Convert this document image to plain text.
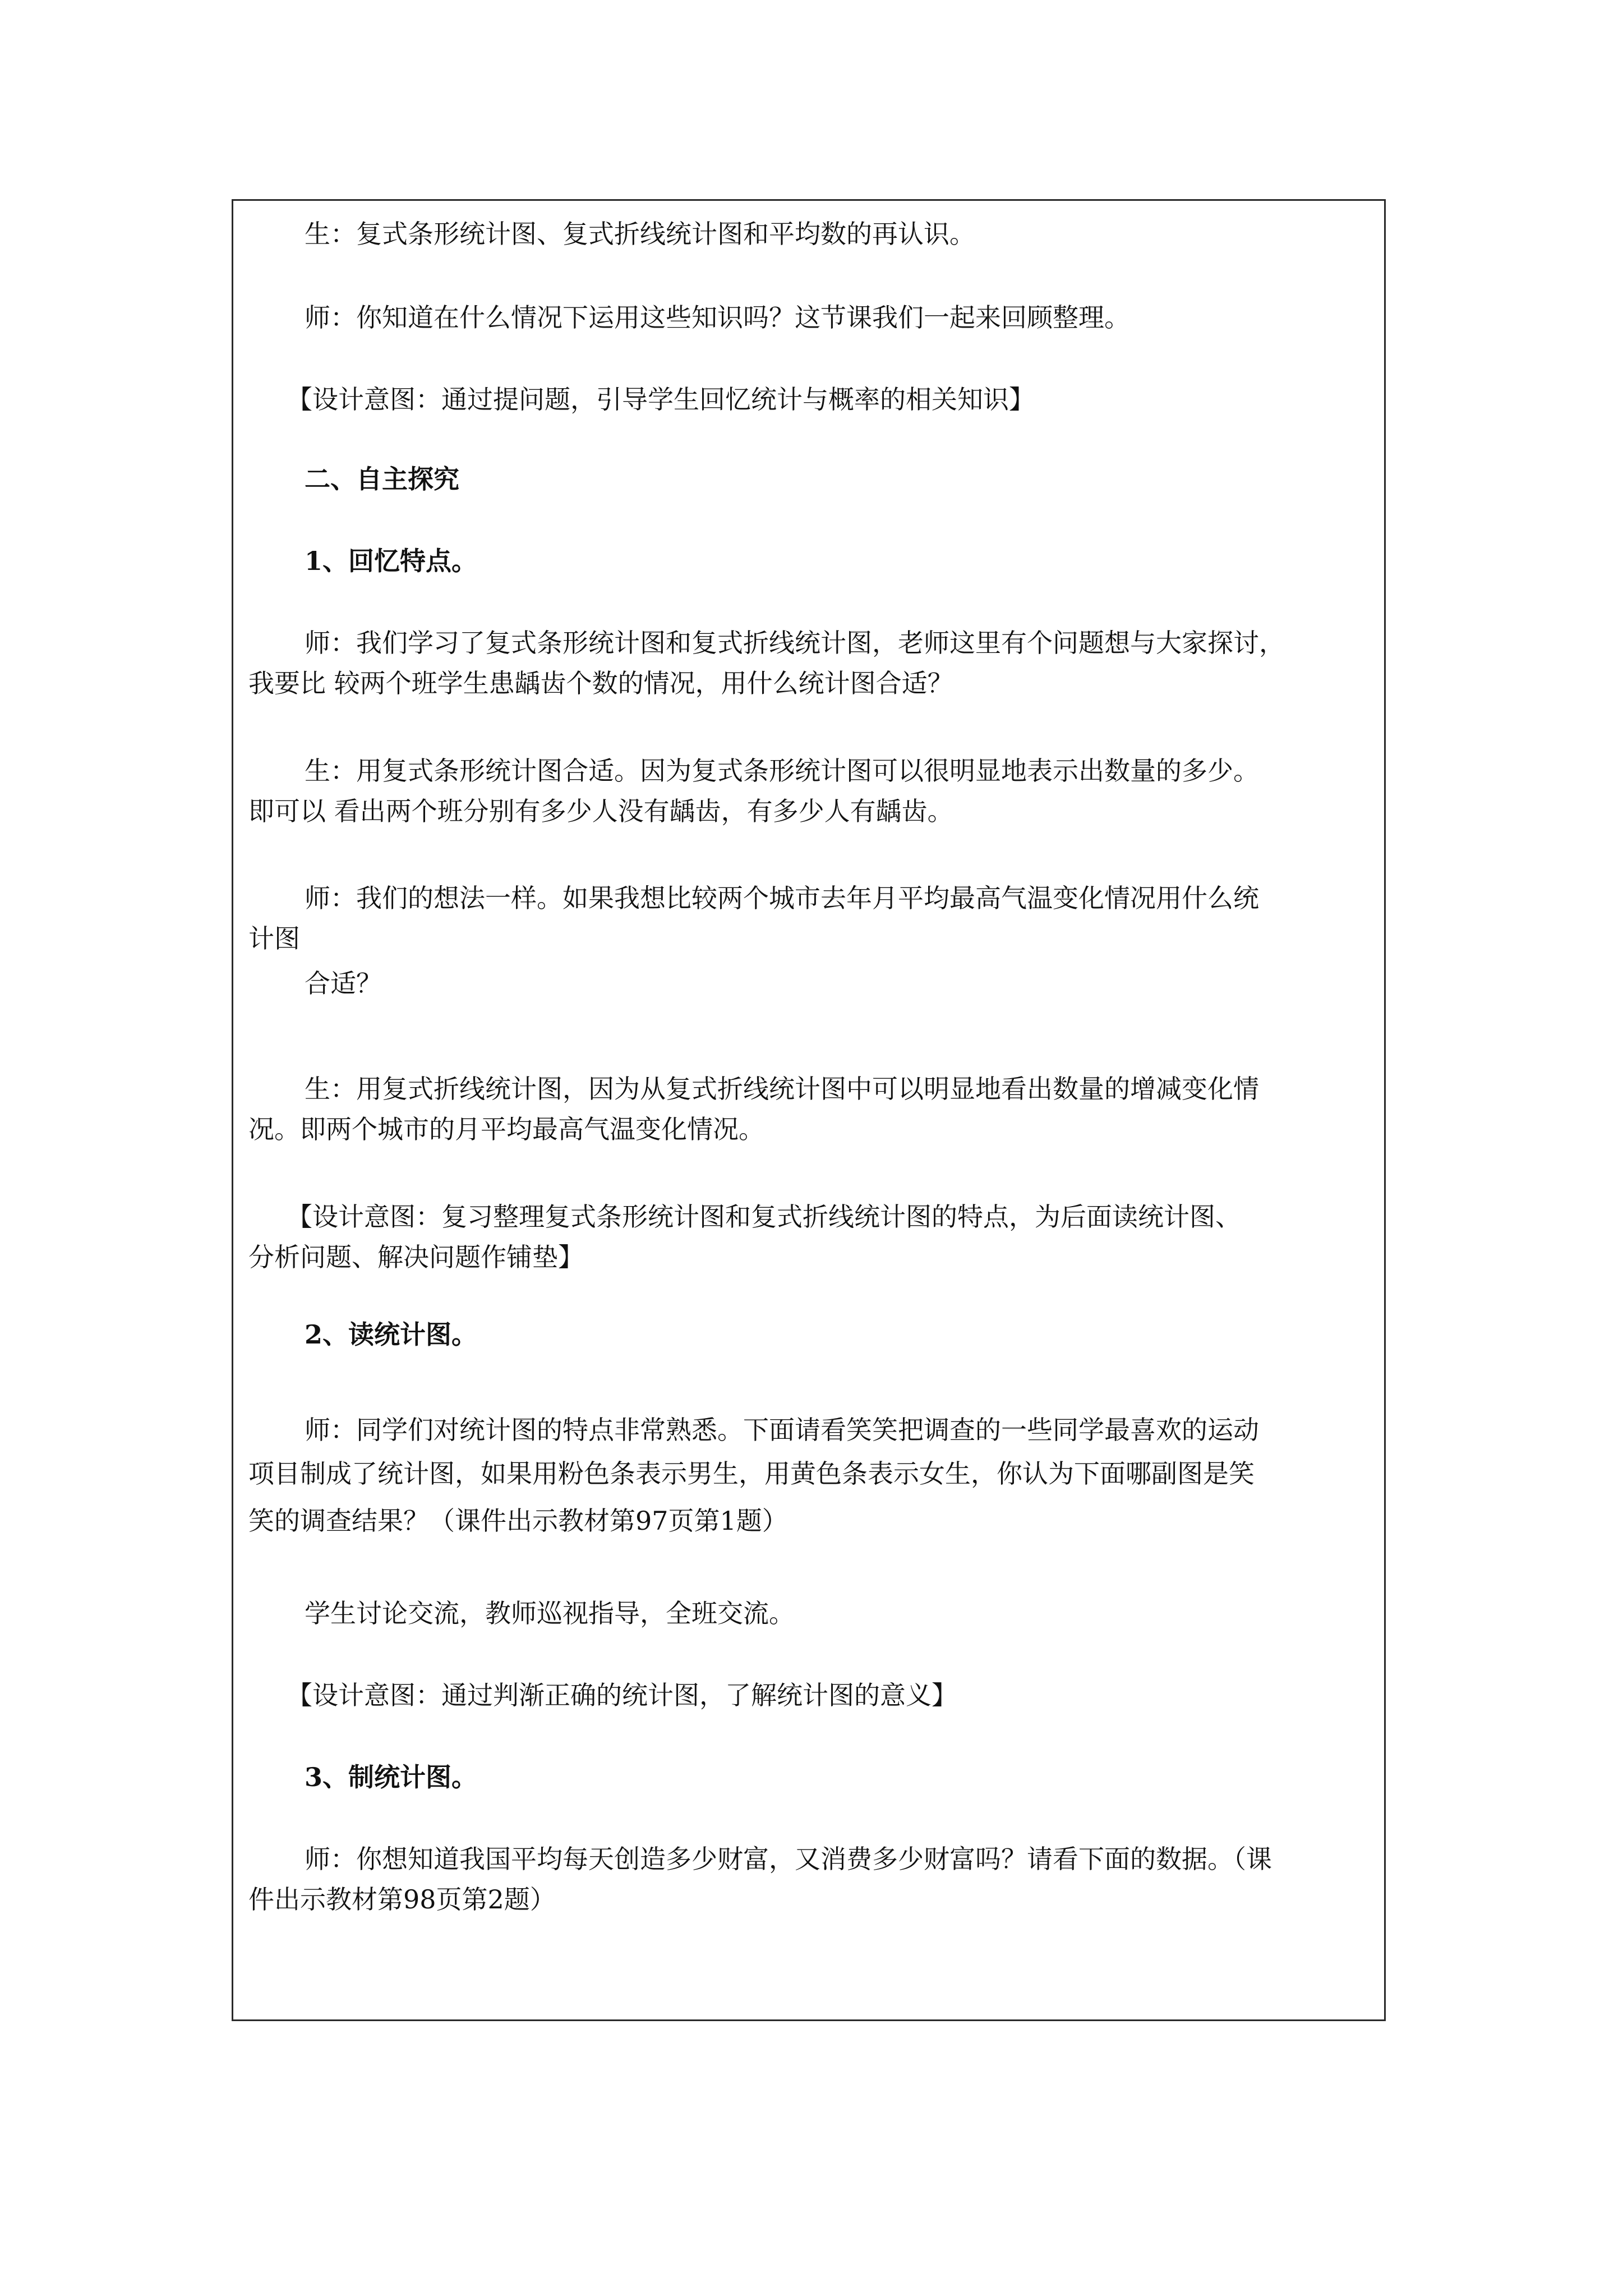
生：复式条形统计图、复式折线统计图和平均数的再认识。

师：你知道在什么情况下运用这些知识吗？这节课我们一起来回顾整理。

【设计意图：通过提问题，引导学生回忆统计与概率的相关知识】

二、自主探究

1、回忆特点。

师：我们学习了复式条形统计图和复式折线统计图，老师这里有个问题想与大家探讨，
我要比 较两个班学生患龋齿个数的情况，用什么统计图合适？

生：用复式条形统计图合适。因为复式条形统计图可以很明显地表示出数量的多少。
即可以 看出两个班分别有多少人没有龋齿，有多少人有龋齿。

师：我们的想法一样。如果我想比较两个城市去年月平均最高气温变化情况用什么统
计图

合适？

生：用复式折线统计图，因为从复式折线统计图中可以明显地看出数量的增减变化情
况。即两个城市的月平均最高气温变化情况。

【设计意图：复习整理复式条形统计图和复式折线统计图的特点，为后面读统计图、
分析问题、解决问题作铺垫】

2、读统计图。

师：同学们对统计图的特点非常熟悉。下面请看笑笑把调查的一些同学最喜欢的运动
项目制成了统计图，如果用粉色条表示男生，用黄色条表示女生，你认为下面哪副图是笑
笑的调查结果？（课件出示教材第97页第1题）

学生讨论交流，教师巡视指导，全班交流。

【设计意图：通过判渐正确的统计图，了解统计图的意义】

3、制统计图。

师：你想知道我国平均每天创造多少财富，又消费多少财富吗？请看下面的数据。（课
件出示教材第98页第2题）
